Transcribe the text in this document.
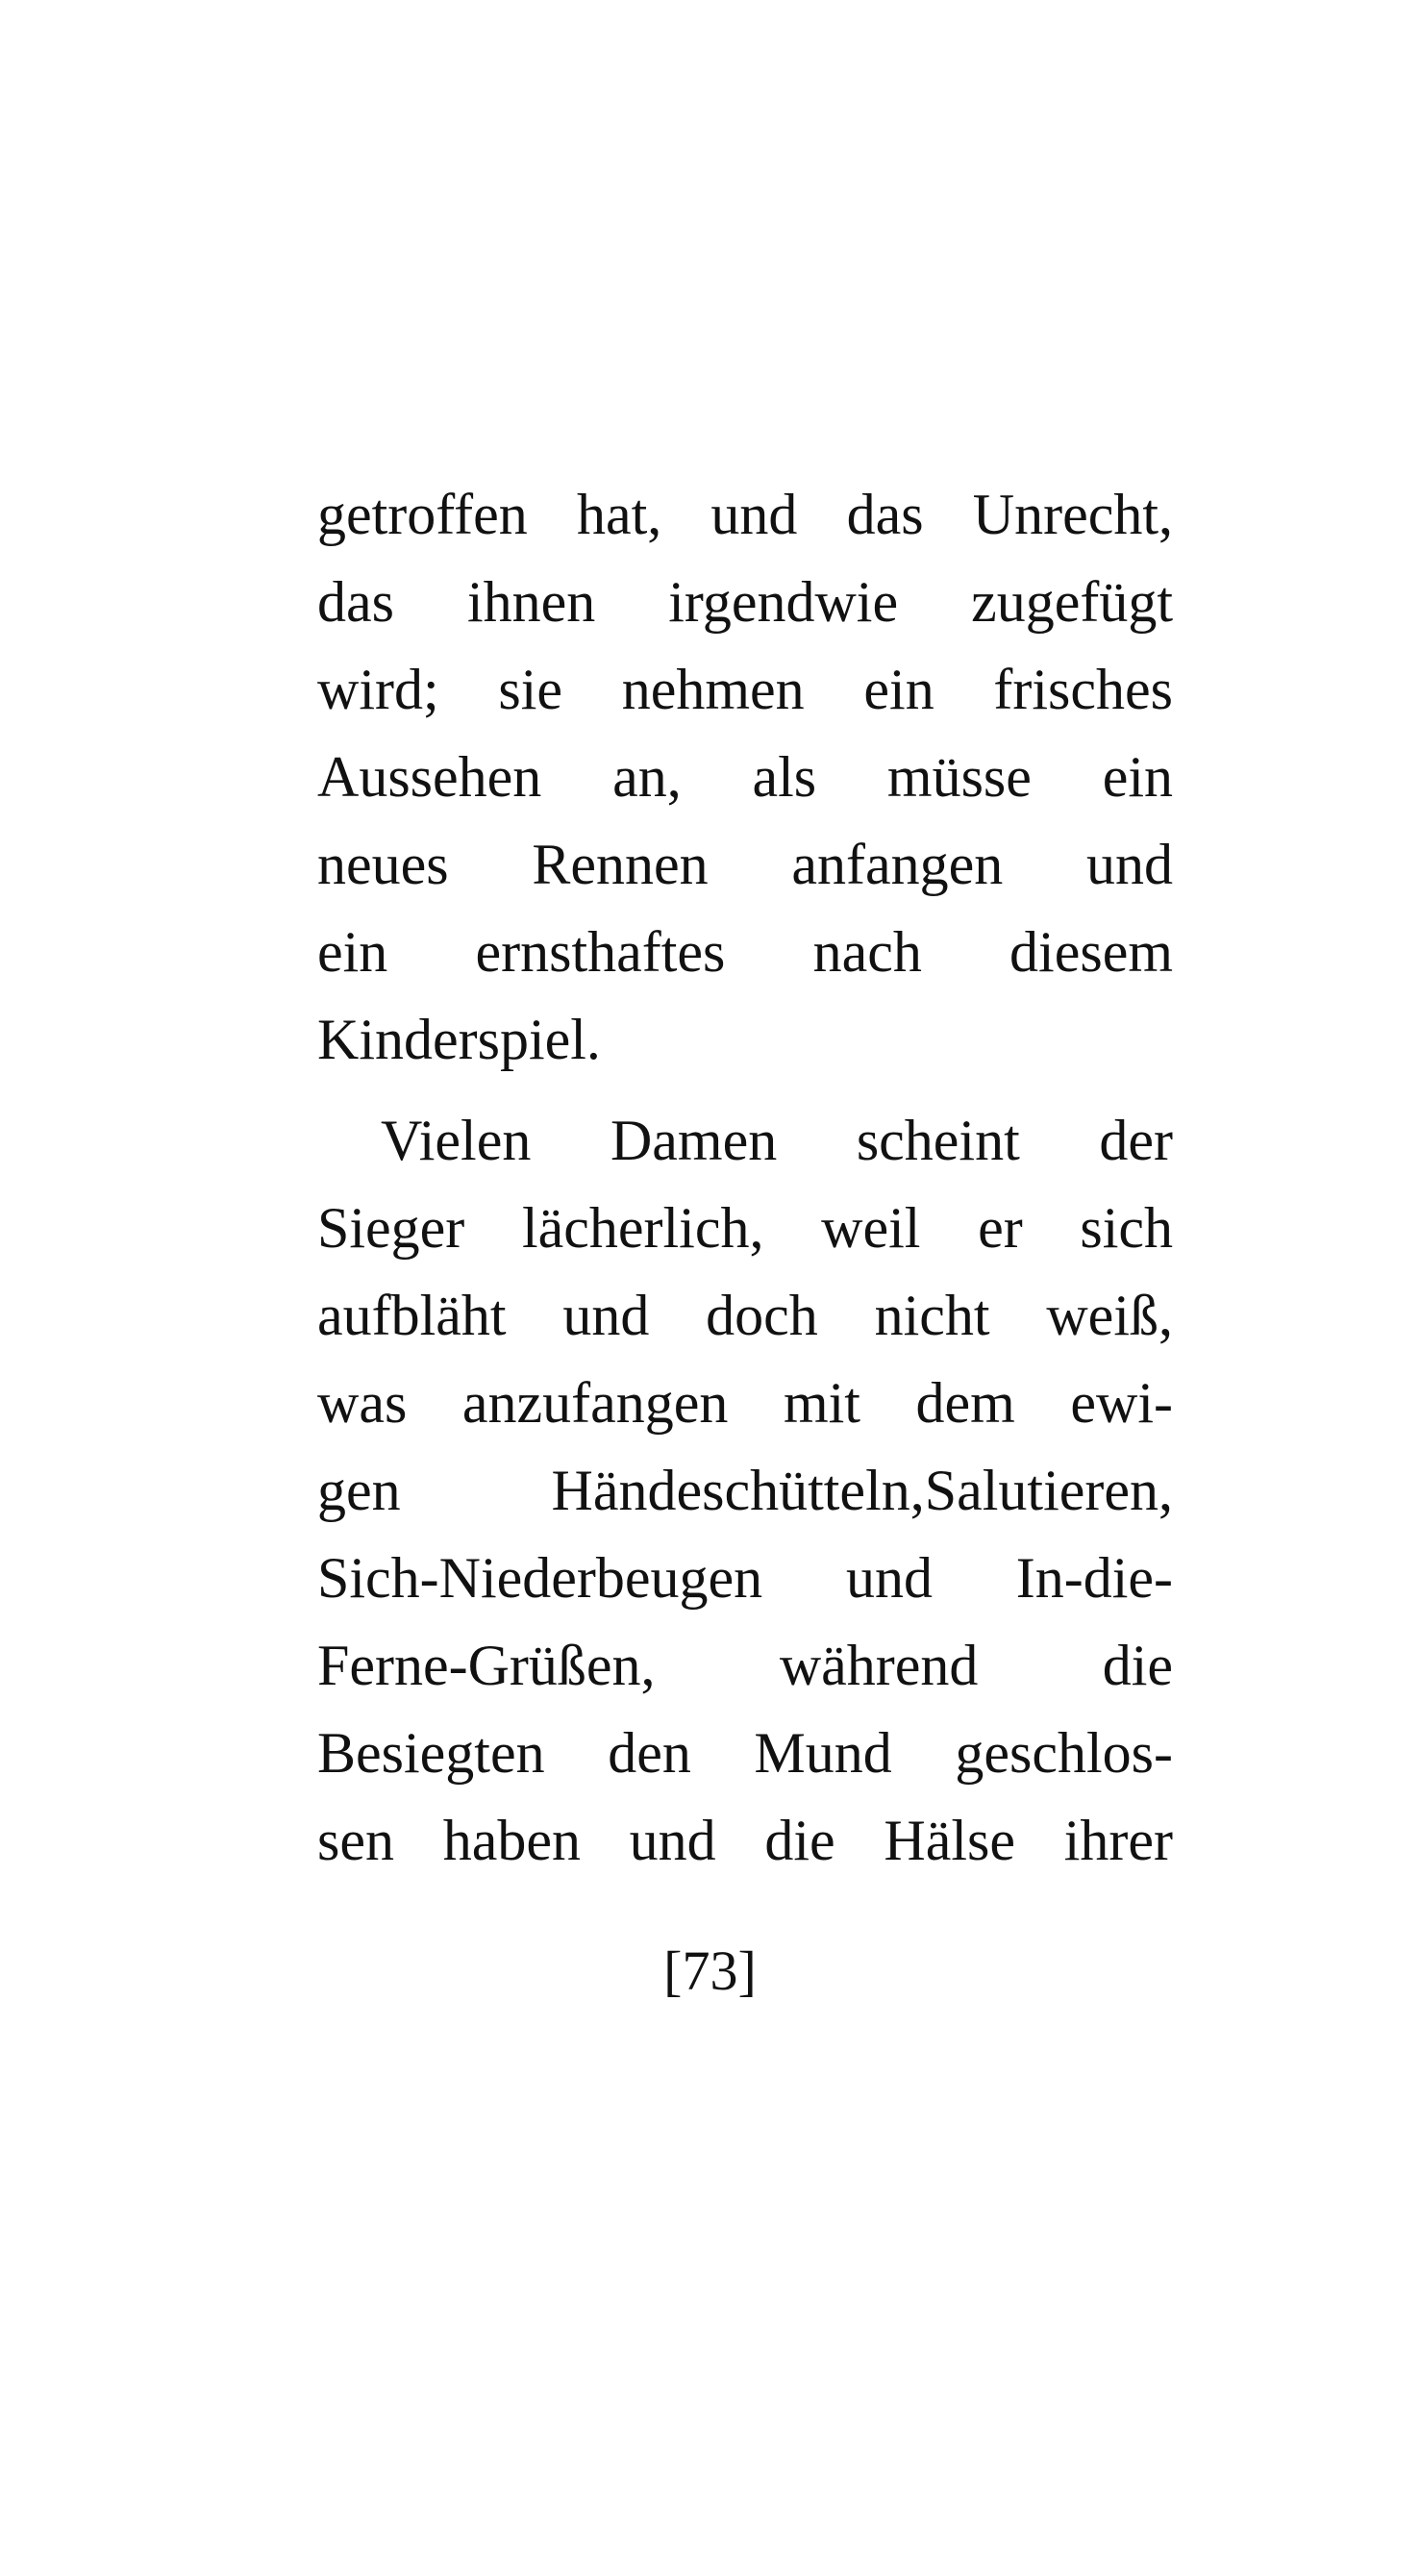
getroffen hat, und das Unrecht,
das ihnen irgendwie zugefügt
wird; sie nehmen ein frisches
Aussehen an, als müsse ein
neues Rennen anfangen und
ein ernsthaftes nach diesem
Kinderspiel.
Vielen Damen scheint der
Sieger lächerlich, weil er sich
aufbläht und doch nicht weiß,
was anzufangen mit dem ewi-
gen Händeschütteln,Salutieren,
Sich-Niederbeugen und In-die-
Ferne-Grüßen, während die
Besiegten den Mund geschlos-
sen haben und die Hälse ihrer
[73]
